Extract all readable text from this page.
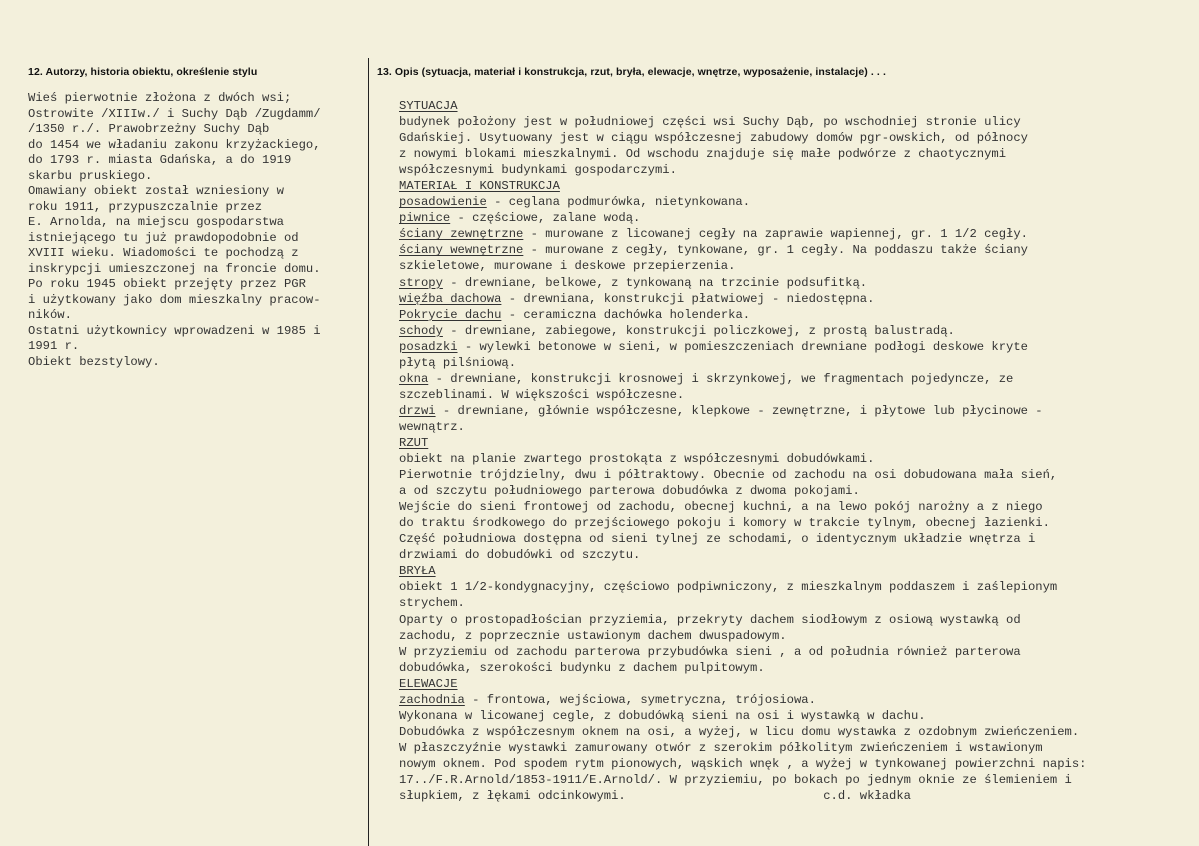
12. Autorzy, historia obiektu, określenie stylu	13. Opis (sytuacja, materiał i konstrukcja, rzut, bryła, elewacje, wnętrze, wyposażenie, instalacje) . . .
Wieś pierwotnie złożona z dwóch wsi;
Ostrowite /XIIIw./ i Suchy Dąb /Zugdamm/
/1350 r./. Prawobrzeżny Suchy Dąb
do 1454 we władaniu zakonu krzyżackiego,
do 1793 r. miasta Gdańska, a do 1919
skarbu pruskiego.
Omawiany obiekt został wzniesiony w
roku 1911, przypuszczalnie przez
E. Arnolda, na miejscu gospodarstwa
istniejącego tu już prawdopodobnie od
XVIII wieku. Wiadomości te pochodzą z
inskrypcji umieszczonej na froncie domu.
Po roku 1945 obiekt przejęty przez PGR
i użytkowany jako dom mieszkalny pracow-
ników.
Ostatni użytkownicy wprowadzeni w 1985 i
1991 r.
Obiekt bezstylowy.
SYTUACJA
budynek położony jest w południowej części wsi Suchy Dąb, po wschodniej stronie ulicy
Gdańskiej. Usytuowany jest w ciągu współczesnej zabudowy domów pgr-owskich, od północy
z nowymi blokami mieszkalnymi. Od wschodu znajduje się małe podwórze z chaotycznymi
współczesnymi budynkami gospodarczymi.
MATERIAŁ I KONSTRUKCJA
posadowienie - ceglana podmurówka, nietynkowana.
piwnice - częściowe, zalane wodą.
ściany zewnętrzne - murowane z licowanej cegły na zaprawie wapiennej, gr. 1 1/2 cegły.
ściany wewnętrzne - murowane z cegły, tynkowane, gr. 1 cegły. Na poddaszu także ściany
szkieletowe, murowane i deskowe przepierzenia.
stropy - drewniane, belkowe, z tynkowaną na trzcinie podsufitką.
więźba dachowa - drewniana, konstrukcji płatwiowej - niedostępna.
Pokrycie dachu - ceramiczna dachówka holenderka.
schody - drewniane, zabiegowe, konstrukcji policzkowej, z prostą balustradą.
posadzki - wylewki betonowe w sieni, w pomieszczeniach drewniane podłogi deskowe kryte
płytą pilśniową.
okna - drewniane, konstrukcji krosnowej i skrzynkowej, we fragmentach pojedyncze, ze
szczeblinami. W większości współczesne.
drzwi - drewniane, głównie współczesne, klepkowe - zewnętrzne, i płytowe lub płycinowe -
wewnątrz.
RZUT
obiekt na planie zwartego prostokąta z współczesnymi dobudówkami.
Pierwotnie trójdzielny, dwu i półtraktowy. Obecnie od zachodu na osi dobudowana mała sień,
a od szczytu południowego parterowa dobudówka z dwoma pokojami.
Wejście do sieni frontowej od zachodu, obecnej kuchni, a na lewo pokój narożny a z niego
do traktu środkowego do przejściowego pokoju i komory w trakcie tylnym, obecnej łazienki.
Część południowa dostępna od sieni tylnej ze schodami, o identycznym układzie wnętrza i
drzwiami do dobudówki od szczytu.
BRYŁA
obiekt 1 1/2-kondygnacyjny, częściowo podpiwniczony, z mieszkalnym poddaszem i zaślepionym
strychem.
Oparty o prostopadłościan przyziemia, przekryty dachem siodłowym z osiową wystawką od
zachodu, z poprzecznie ustawionym dachem dwuspadowym.
W przyziemiu od zachodu parterowa przybudówka sieni , a od południa również parterowa
dobudówka, szerokości budynku z dachem pulpitowym.
ELEWACJE
zachodnia - frontowa, wejściowa, symetryczna, trójosiowa.
Wykonana w licowanej cegle, z dobudówką sieni na osi i wystawką w dachu.
Dobudówka z współczesnym oknem na osi, a wyżej, w licu domu wystawka z ozdobnym zwieńczeniem.
W płaszczyźnie wystawki zamurowany otwór z szerokim półkolitym zwieńczeniem i wstawionym
nowym oknem. Pod spodem rytm pionowych, wąskich wnęk , a wyżej w tynkowanej powierzchni napis:
17../F.R.Arnold/1853-1911/E.Arnold/. W przyziemiu, po bokach po jednym oknie ze ślemieniem i
słupkiem, z łękami odcinkowymi.                           c.d. wkładka
